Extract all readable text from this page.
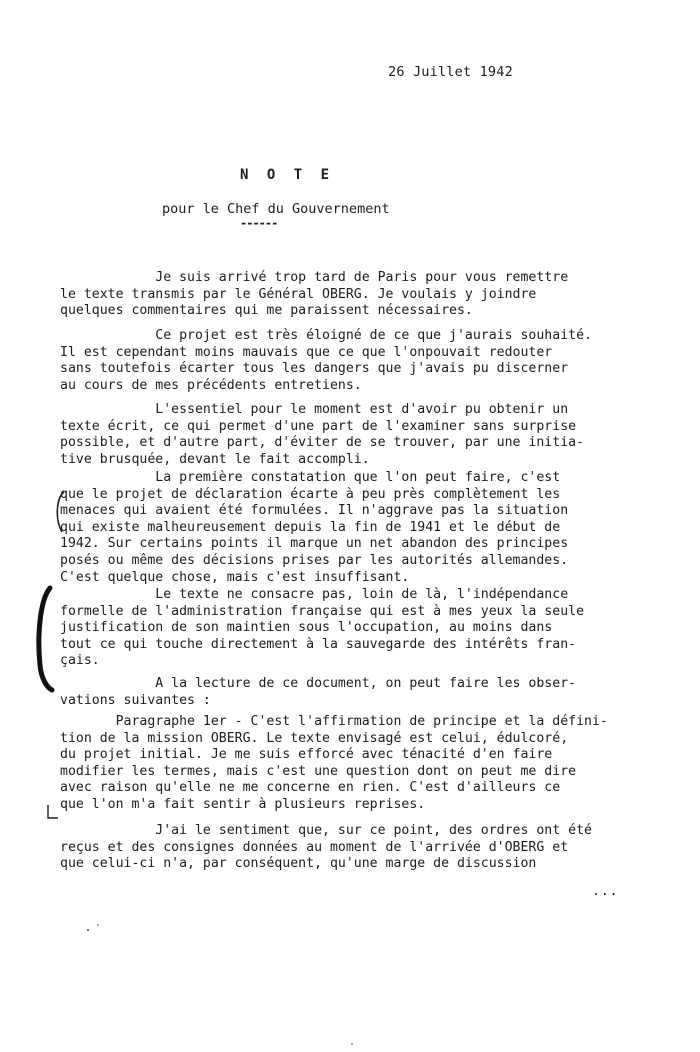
26 Juillet 1942
N O T E
pour le Chef du Gouvernement
------
Je suis arrivé trop tard de Paris pour vous remettre
le texte transmis par le Général OBERG. Je voulais y joindre
quelques commentaires qui me paraissent nécessaires.
Ce projet est très éloigné de ce que j'aurais souhaité.
Il est cependant moins mauvais que ce que l'onpouvait redouter
sans toutefois écarter tous les dangers que j'avais pu discerner
au cours de mes précédents entretiens.
L'essentiel pour le moment est d'avoir pu obtenir un
texte écrit, ce qui permet d'une part de l'examiner sans surprise
possible, et d'autre part, d'éviter de se trouver, par une initia-
tive brusquée, devant le fait accompli.
La première constatation que l'on peut faire, c'est
que le projet de déclaration écarte à peu près complètement les
menaces qui avaient été formulées. Il n'aggrave pas la situation
qui existe malheureusement depuis la fin de 1941 et le début de
1942. Sur certains points il marque un net abandon des principes
posés ou même des décisions prises par les autorités allemandes.
C'est quelque chose, mais c'est insuffisant.
Le texte ne consacre pas, loin de là, l'indépendance
formelle de l'administration française qui est à mes yeux la seule
justification de son maintien sous l'occupation, au moins dans
tout ce qui touche directement à la sauvegarde des intérêts fran-
çais.
A la lecture de ce document, on peut faire les obser-
vations suivantes :
Paragraphe 1er - C'est l'affirmation de principe et la défini-
tion de la mission OBERG. Le texte envisagé est celui, édulcoré,
du projet initial. Je me suis efforcé avec ténacité d'en faire
modifier les termes, mais c'est une question dont on peut me dire
avec raison qu'elle ne me concerne en rien. C'est d'ailleurs ce
que l'on m'a fait sentir à plusieurs reprises.
J'ai le sentiment que, sur ce point, des ordres ont été
reçus et des consignes données au moment de l'arrivée d'OBERG et
que celui-ci n'a, par conséquent, qu'une marge de discussion
...
